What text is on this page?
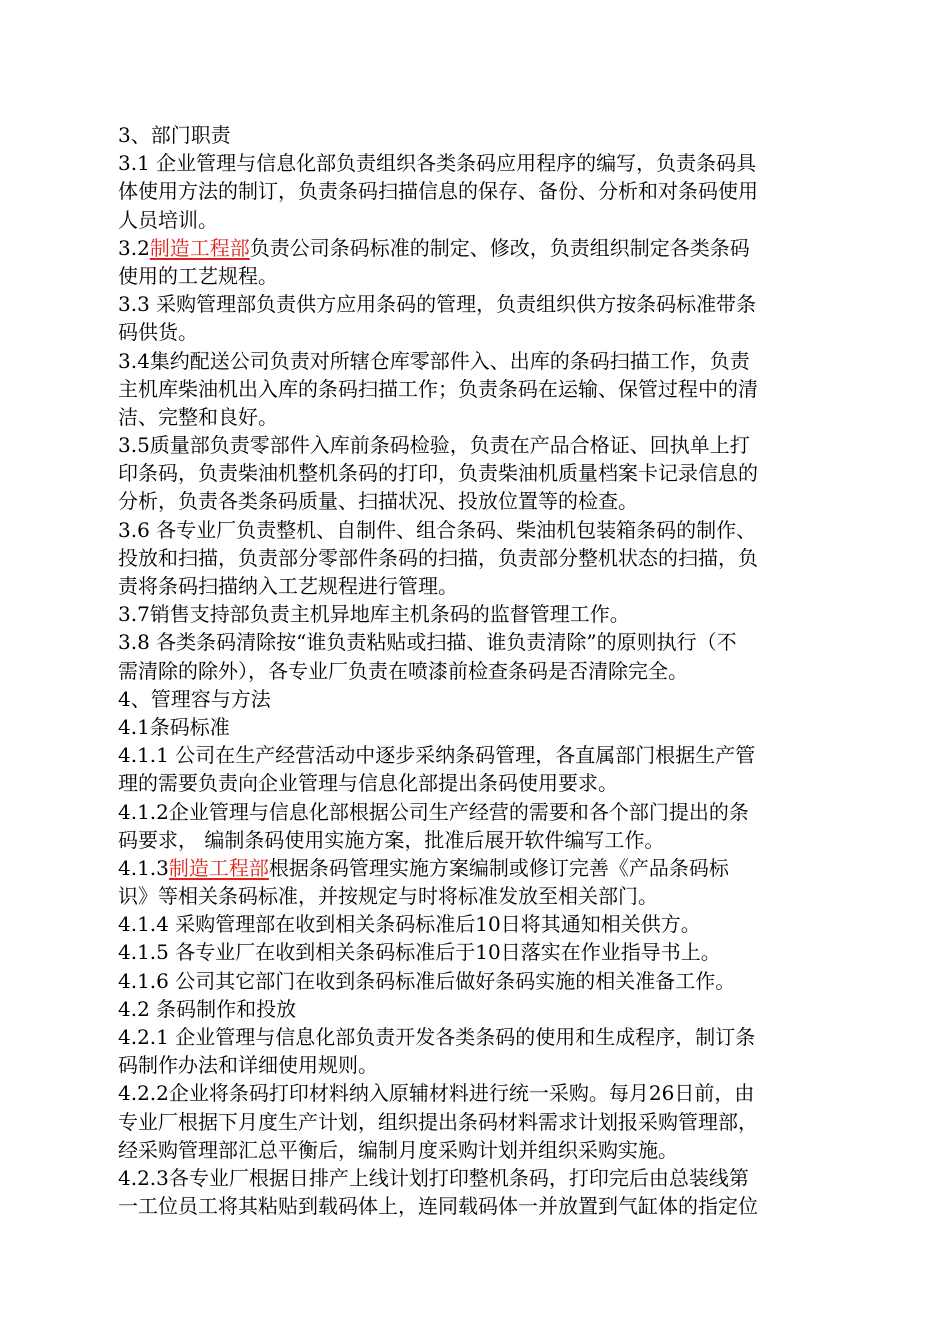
3、部门职责
3.1 企业管理与信息化部负责组织各类条码应用程序的编写，负责条码具
体使用方法的制订，负责条码扫描信息的保存、备份、分析和对条码使用
人员培训。
3.2制造工程部负责公司条码标准的制定、修改，负责组织制定各类条码
使用的工艺规程。
3.3 采购管理部负责供方应用条码的管理，负责组织供方按条码标准带条
码供货。
3.4集约配送公司负责对所辖仓库零部件入、出库的条码扫描工作，负责
主机库柴油机出入库的条码扫描工作；负责条码在运输、保管过程中的清
洁、完整和良好。
3.5质量部负责零部件入库前条码检验，负责在产品合格证、回执单上打
印条码，负责柴油机整机条码的打印，负责柴油机质量档案卡记录信息的
分析，负责各类条码质量、扫描状况、投放位置等的检查。
3.6 各专业厂负责整机、自制件、组合条码、柴油机包装箱条码的制作、
投放和扫描，负责部分零部件条码的扫描，负责部分整机状态的扫描，负
责将条码扫描纳入工艺规程进行管理。
3.7销售支持部负责主机异地库主机条码的监督管理工作。
3.8 各类条码清除按“谁负责粘贴或扫描、谁负责清除”的原则执行（不
需清除的除外），各专业厂负责在喷漆前检查条码是否清除完全。
4、管理容与方法
4.1条码标准
4.1.1 公司在生产经营活动中逐步采纳条码管理，各直属部门根据生产管
理的需要负责向企业管理与信息化部提出条码使用要求。
4.1.2企业管理与信息化部根据公司生产经营的需要和各个部门提出的条
码要求， 编制条码使用实施方案，批准后展开软件编写工作。
4.1.3制造工程部根据条码管理实施方案编制或修订完善《产品条码标
识》等相关条码标准，并按规定与时将标准发放至相关部门。
4.1.4 采购管理部在收到相关条码标准后10日将其通知相关供方。
4.1.5 各专业厂在收到相关条码标准后于10日落实在作业指导书上。
4.1.6 公司其它部门在收到条码标准后做好条码实施的相关准备工作。
4.2 条码制作和投放
4.2.1 企业管理与信息化部负责开发各类条码的使用和生成程序，制订条
码制作办法和详细使用规则。
4.2.2企业将条码打印材料纳入原辅材料进行统一采购。每月26日前，由
专业厂根据下月度生产计划，组织提出条码材料需求计划报采购管理部，
经采购管理部汇总平衡后，编制月度采购计划并组织采购实施。
4.2.3各专业厂根据日排产上线计划打印整机条码，打印完后由总装线第
一工位员工将其粘贴到载码体上，连同载码体一并放置到气缸体的指定位
